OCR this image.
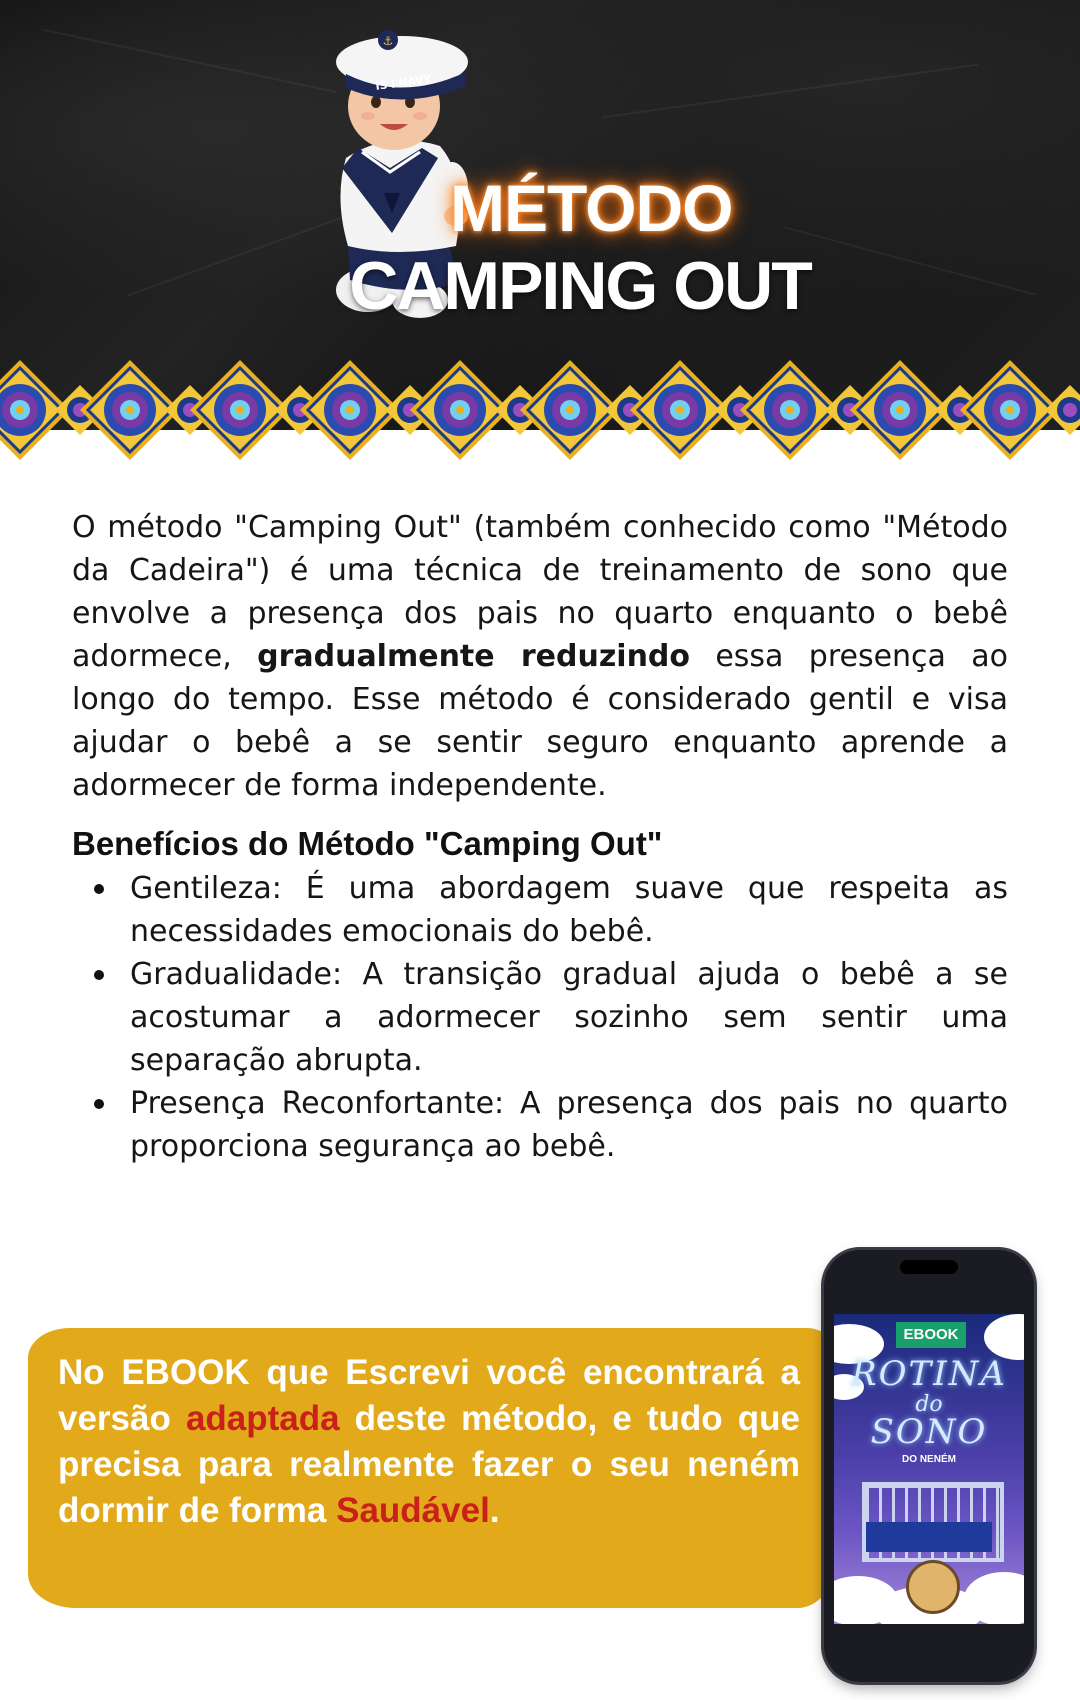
⚓
IS⋮NAVY
MÉTODO
CAMPING OUT

O método "Camping Out" (também conhecido como "Método da Cadeira") é uma técnica de treinamento de sono que envolve a presença dos pais no quarto enquanto o bebê adormece, gradualmente reduzindo essa presença ao longo do tempo. Esse método é considerado gentil e visa ajudar o bebê a se sentir seguro enquanto aprende a adormecer de forma independente.

Benefícios do Método "Camping Out"
Gentileza: É uma abordagem suave que respeita as necessidades emocionais do bebê.
Gradualidade: A transição gradual ajuda o bebê a se acostumar a adormecer sozinho sem sentir uma separação abrupta.
Presença Reconfortante: A presença dos pais no quarto proporciona segurança ao bebê.
No EBOOK que Escrevi você encontrará a versão adaptada deste método, e tudo que precisa para realmente fazer o seu neném dormir de forma Saudável.
EBOOK
ROTINA
do
SONO
DO NENÉM
